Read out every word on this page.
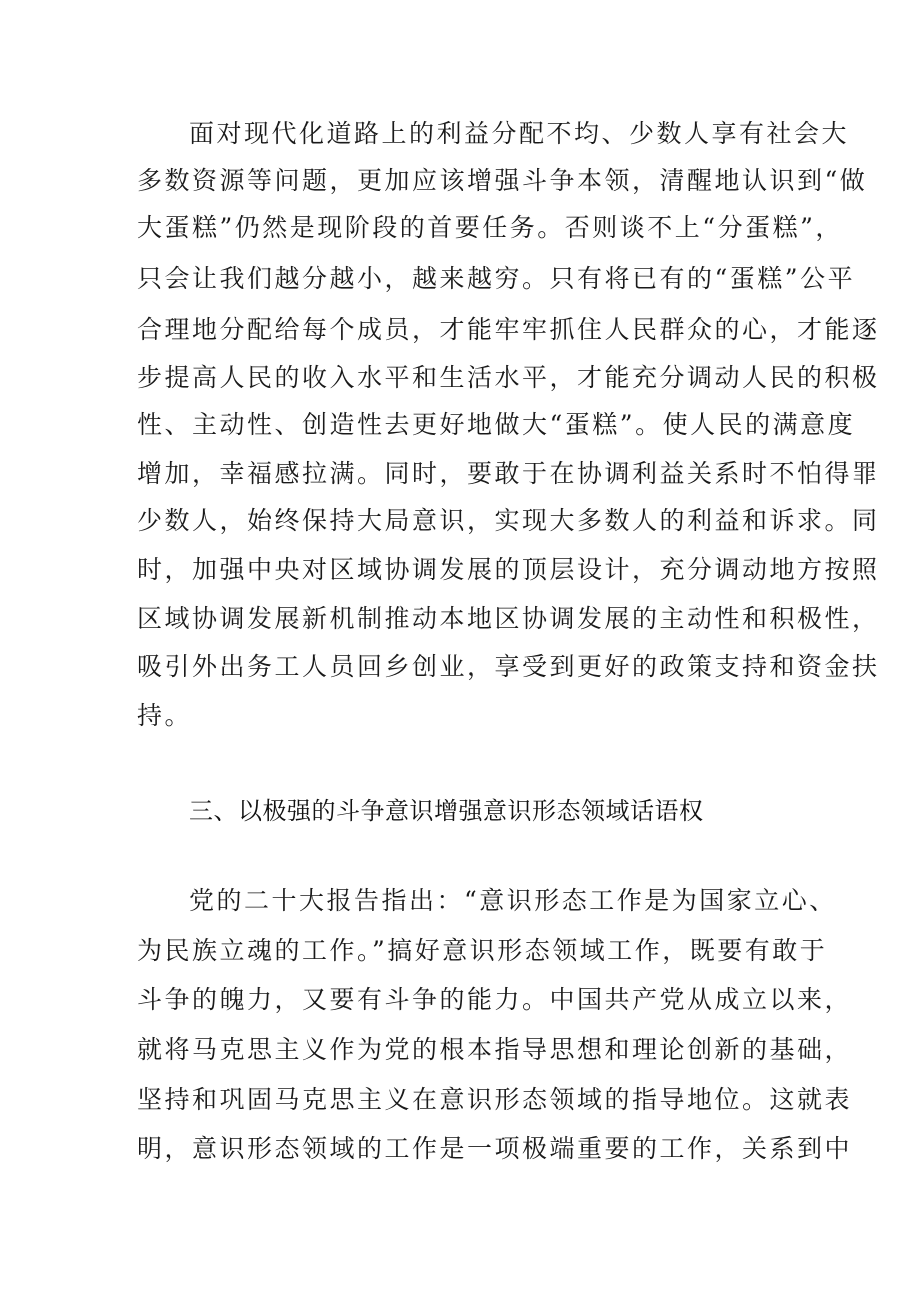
面对现代化道路上的利益分配不均、少数人享有社会大
多数资源等问题，更加应该增强斗争本领，清醒地认识到“做
大蛋糕”仍然是现阶段的首要任务。否则谈不上“分蛋糕”，
只会让我们越分越小，越来越穷。只有将已有的“蛋糕”公平
合理地分配给每个成员，才能牢牢抓住人民群众的心，才能逐
步提高人民的收入水平和生活水平，才能充分调动人民的积极
性、主动性、创造性去更好地做大“蛋糕”。使人民的满意度
增加，幸福感拉满。同时，要敢于在协调利益关系时不怕得罪
少数人，始终保持大局意识，实现大多数人的利益和诉求。同
时，加强中央对区域协调发展的顶层设计，充分调动地方按照
区域协调发展新机制推动本地区协调发展的主动性和积极性，
吸引外出务工人员回乡创业，享受到更好的政策支持和资金扶
持。
三、以极强的斗争意识增强意识形态领域话语权
党的二十大报告指出：“意识形态工作是为国家立心、
为民族立魂的工作。”搞好意识形态领域工作，既要有敢于
斗争的魄力，又要有斗争的能力。中国共产党从成立以来，
就将马克思主义作为党的根本指导思想和理论创新的基础，
坚持和巩固马克思主义在意识形态领域的指导地位。这就表
明，意识形态领域的工作是一项极端重要的工作，关系到中
